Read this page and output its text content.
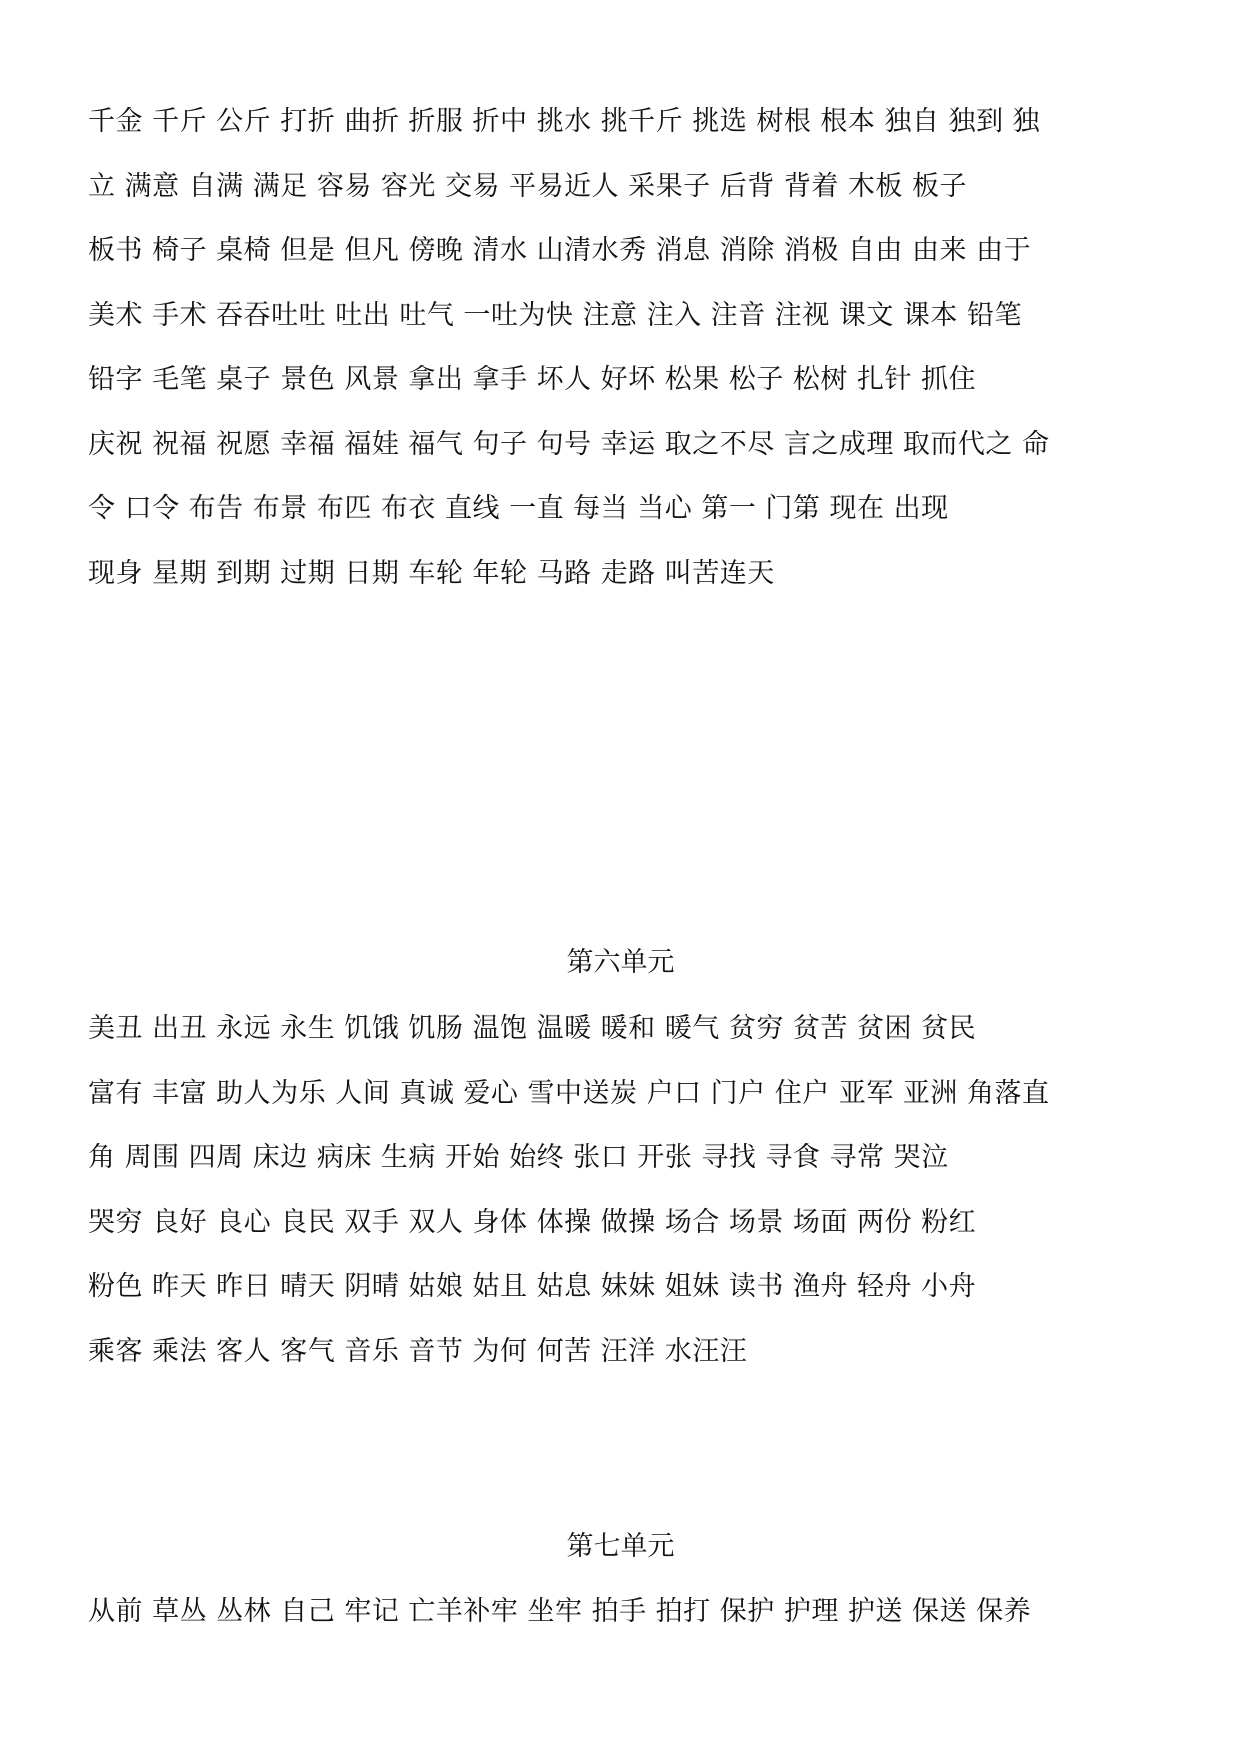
千金 千斤 公斤 打折 曲折 折服 折中 挑水 挑千斤 挑选 树根 根本 独自 独到 独
立 满意 自满 满足 容易 容光 交易 平易近人 采果子 后背 背着 木板 板子
板书 椅子 桌椅 但是 但凡 傍晚 清水 山清水秀 消息 消除 消极 自由 由来 由于
美术 手术 吞吞吐吐 吐出 吐气 一吐为快 注意 注入 注音 注视 课文 课本 铅笔
铅字 毛笔 桌子 景色 风景 拿出 拿手 坏人 好坏 松果 松子 松树 扎针 抓住
庆祝 祝福 祝愿 幸福 福娃 福气 句子 句号 幸运 取之不尽 言之成理 取而代之 命
令 口令 布告 布景 布匹 布衣 直线 一直 每当 当心 第一 门第 现在 出现
现身 星期 到期 过期 日期 车轮 年轮 马路 走路 叫苦连天
第六单元
美丑 出丑 永远 永生 饥饿 饥肠 温饱 温暖 暖和 暖气 贫穷 贫苦 贫困 贫民
富有 丰富 助人为乐 人间 真诚 爱心 雪中送炭 户口 门户 住户 亚军 亚洲 角落直
角 周围 四周 床边 病床 生病 开始 始终 张口 开张 寻找 寻食 寻常 哭泣
哭穷 良好 良心 良民 双手 双人 身体 体操 做操 场合 场景 场面 两份 粉红
粉色 昨天 昨日 晴天 阴晴 姑娘 姑且 姑息 妹妹 姐妹 读书 渔舟 轻舟 小舟
乘客 乘法 客人 客气 音乐 音节 为何 何苦 汪洋 水汪汪
第七单元
从前 草丛 丛林 自己 牢记 亡羊补牢 坐牢 拍手 拍打 保护 护理 护送 保送 保养
